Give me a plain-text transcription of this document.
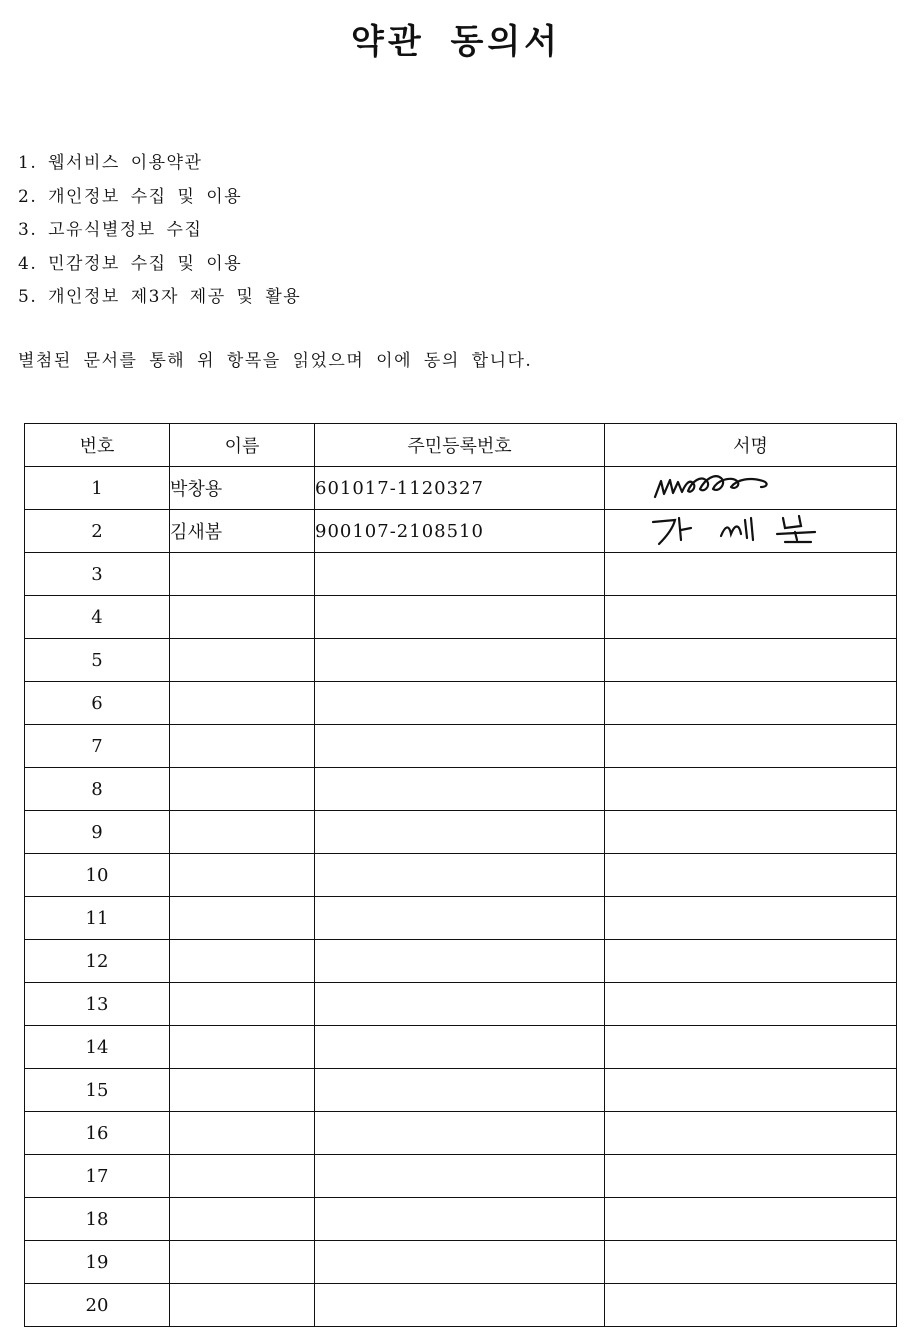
약관 동의서
1. 웹서비스 이용약관
2. 개인정보 수집 및 이용
3. 고유식별정보 수집
4. 민감정보 수집 및 이용
5. 개인정보 제3자 제공 및 활용
별첨된 문서를 통해 위 항목을 읽었으며 이에 동의 합니다.
번호	이름	주민등록번호	서명
1	박창용	601017-1120327	

2	김새봄	900107-2108510	

3			
4			
5			
6			
7			
8			
9			
10			
11			
12			
13			
14			
15			
16			
17			
18			
19			
20			
